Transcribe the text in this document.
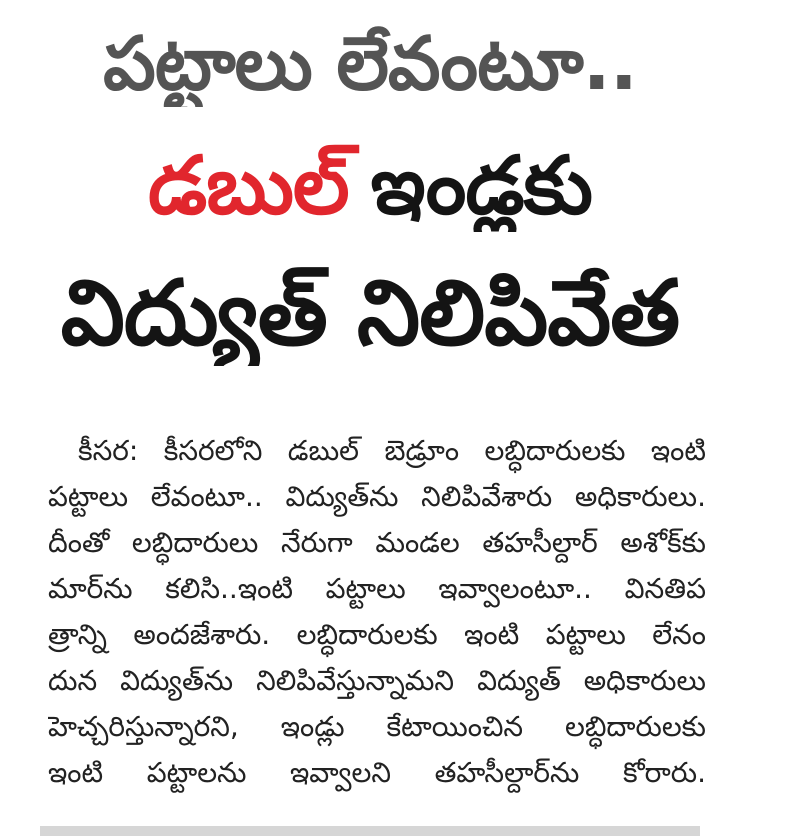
పట్టాలు లేవంటూ..
డబుల్ ఇండ్లకు
విద్యుత్ నిలిపివేత
కీసర: కీసరలోని డబుల్ బెడ్రూం లబ్ధిదారులకు ఇంటి
పట్టాలు లేవంటూ.. విద్యుత్‌ను నిలిపివేశారు అధికారులు.
దీంతో లబ్ధిదారులు నేరుగా మండల తహసీల్దార్ అశోక్‌కు
మార్‌ను కలిసి..ఇంటి పట్టాలు ఇవ్వాలంటూ.. వినతిప
త్రాన్ని అందజేశారు. లబ్ధిదారులకు ఇంటి పట్టాలు లేనం
దున విద్యుత్‌ను నిలిపివేస్తున్నామని విద్యుత్ అధికారులు
హెచ్చరిస్తున్నారని, ఇండ్లు కేటాయించిన లబ్ధిదారులకు
ఇంటి పట్టాలను ఇవ్వాలని తహసీల్దార్‌ను కోరారు.
